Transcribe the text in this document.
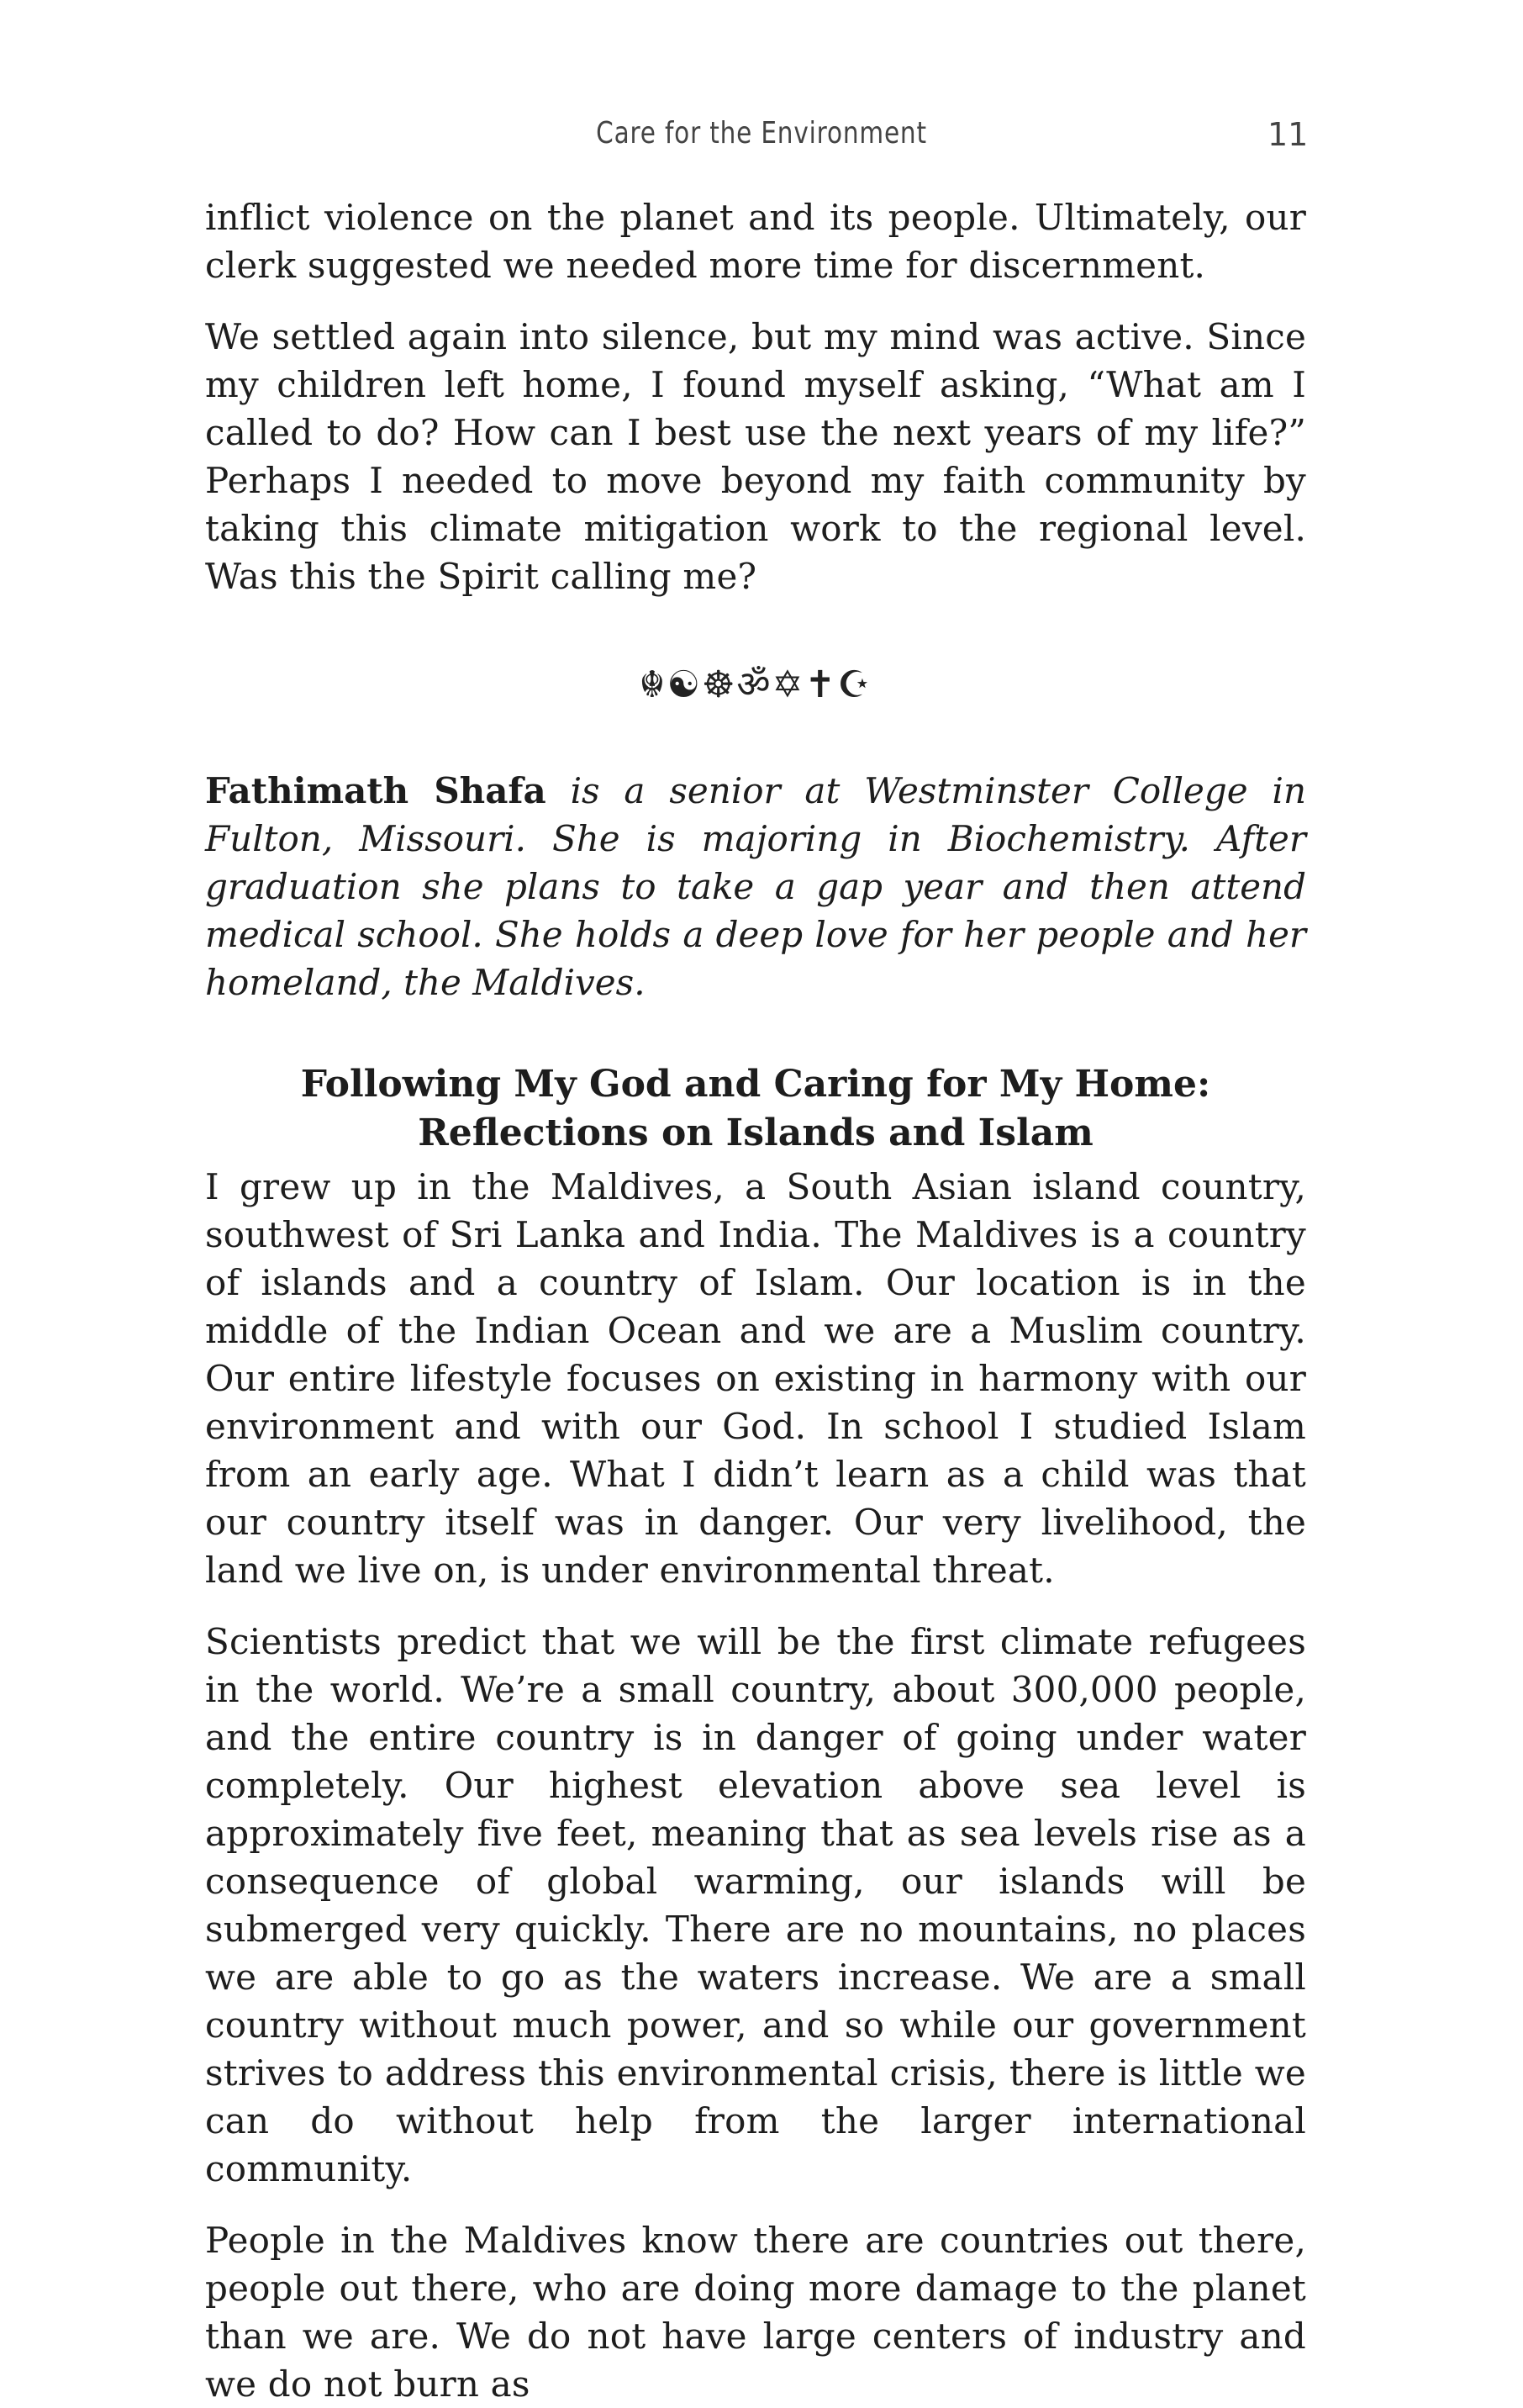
Care for the Environment	11

inflict violence on the planet and its people. Ultimately, our clerk suggested we needed more time for discernment.

We settled again into silence, but my mind was active. Since my children left home, I found myself asking, “What am I called to do? How can I best use the next years of my life?” Perhaps I needed to move beyond my faith community by taking this climate mitigation work to the regional level. Was this the Spirit calling me?

☬☯☸ॐ✡✝☪

Fathimath Shafa is a senior at Westminster College in Fulton, Missouri. She is majoring in Biochemistry. After graduation she plans to take a gap year and then attend medical school. She holds a deep love for her people and her homeland, the Maldives.

Following My God and Caring for My Home:
Reflections on Islands and Islam

I grew up in the Maldives, a South Asian island country, southwest of Sri Lanka and India. The Maldives is a country of islands and a country of Islam. Our location is in the middle of the Indian Ocean and we are a Muslim country. Our entire lifestyle focuses on existing in harmony with our environment and with our God. In school I studied Islam from an early age. What I didn’t learn as a child was that our country itself was in danger. Our very livelihood, the land we live on, is under environmental threat.

Scientists predict that we will be the first climate refugees in the world. We’re a small country, about 300,000 people, and the entire country is in danger of going under water completely. Our highest elevation above sea level is approximately five feet, meaning that as sea levels rise as a consequence of global warming, our islands will be submerged very quickly. There are no mountains, no places we are able to go as the waters increase. We are a small country without much power, and so while our government strives to address this environmental crisis, there is little we can do without help from the larger international community.

People in the Maldives know there are countries out there, people out there, who are doing more damage to the planet than we are. We do not have large centers of industry and we do not burn as
